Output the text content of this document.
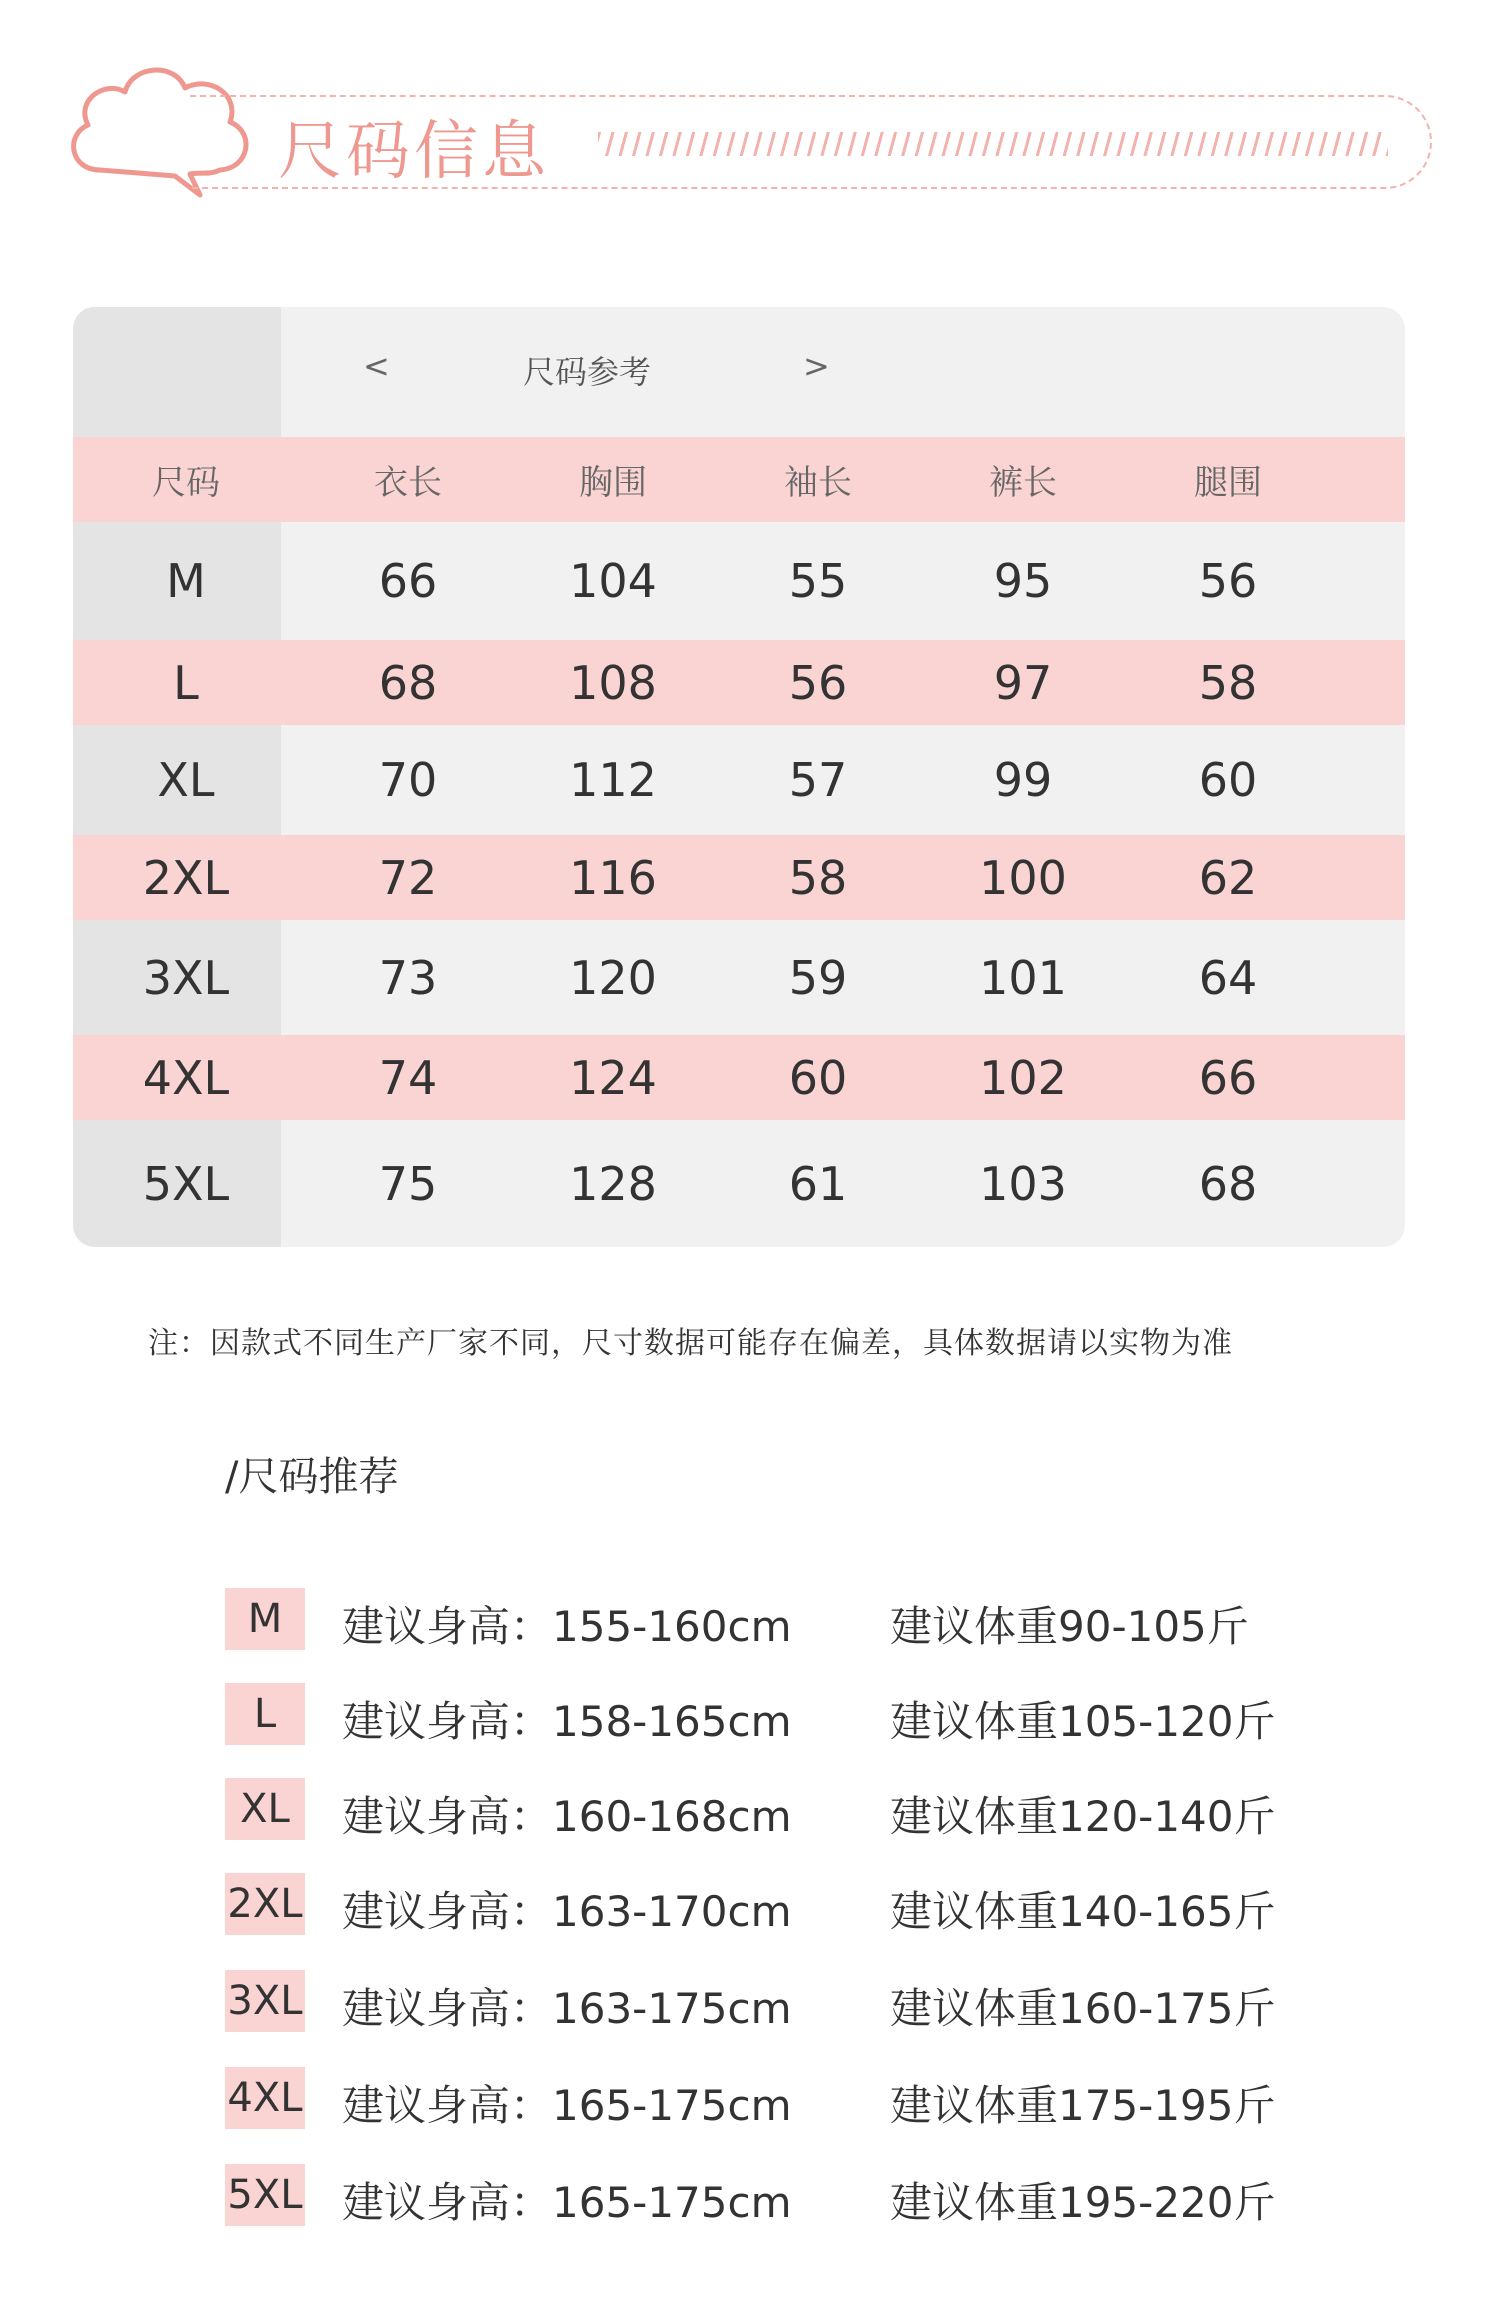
尺码信息
<	尺码参考	>
尺码	衣长	胸围	袖长	裤长	腿围
M	66	104	55	95	56
L	68	108	56	97	58
XL	70	112	57	99	60
2XL	72	116	58	100	62
3XL	73	120	59	101	64
4XL	74	124	60	102	66
5XL	75	128	61	103	68
注：因款式不同生产厂家不同，尺寸数据可能存在偏差，具体数据请以实物为准
/尺码推荐
M	建议身高：155-160cm 建议体重90-105斤
L	建议身高：158-165cm 建议体重105-120斤
XL	建议身高：160-168cm 建议体重120-140斤
2XL 建议身高：163-170cm 建议体重140-165斤
3XL 建议身高：163-175cm 建议体重160-175斤
4XL 建议身高：165-175cm 建议体重175-195斤
5XL 建议身高：165-175cm 建议体重195-220斤
